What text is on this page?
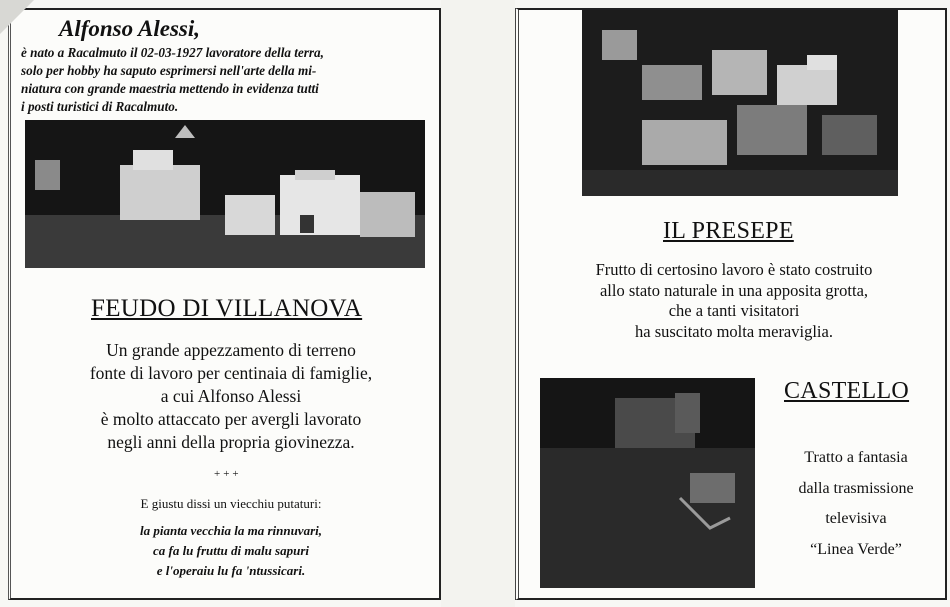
Alfonso Alessi,
è nato a Racalmuto il 02-03-1927 lavoratore della terra,
solo per hobby ha saputo esprimersi nell'arte della mi-
niatura con grande maestria mettendo in evidenza tutti
i posti turistici di Racalmuto.
FEUDO DI VILLANOVA
Un grande appezzamento di terreno
fonte di lavoro per centinaia di famiglie,
a cui Alfonso Alessi
è molto attaccato per avergli lavorato
negli anni della propria giovinezza.
+++
E giustu dissi un viecchiu putaturi:
la pianta vecchia la ma rinnuvari,
ca fa lu fruttu di malu sapuri
e l'operaiu lu fa 'ntussicari.
IL PRESEPE
Frutto di certosino lavoro è stato costruito
allo stato naturale in una apposita grotta,
che a tanti visitatori
ha suscitato molta meraviglia.
CASTELLO
Tratto a fantasia
dalla trasmissione
televisiva
“Linea Verde”
